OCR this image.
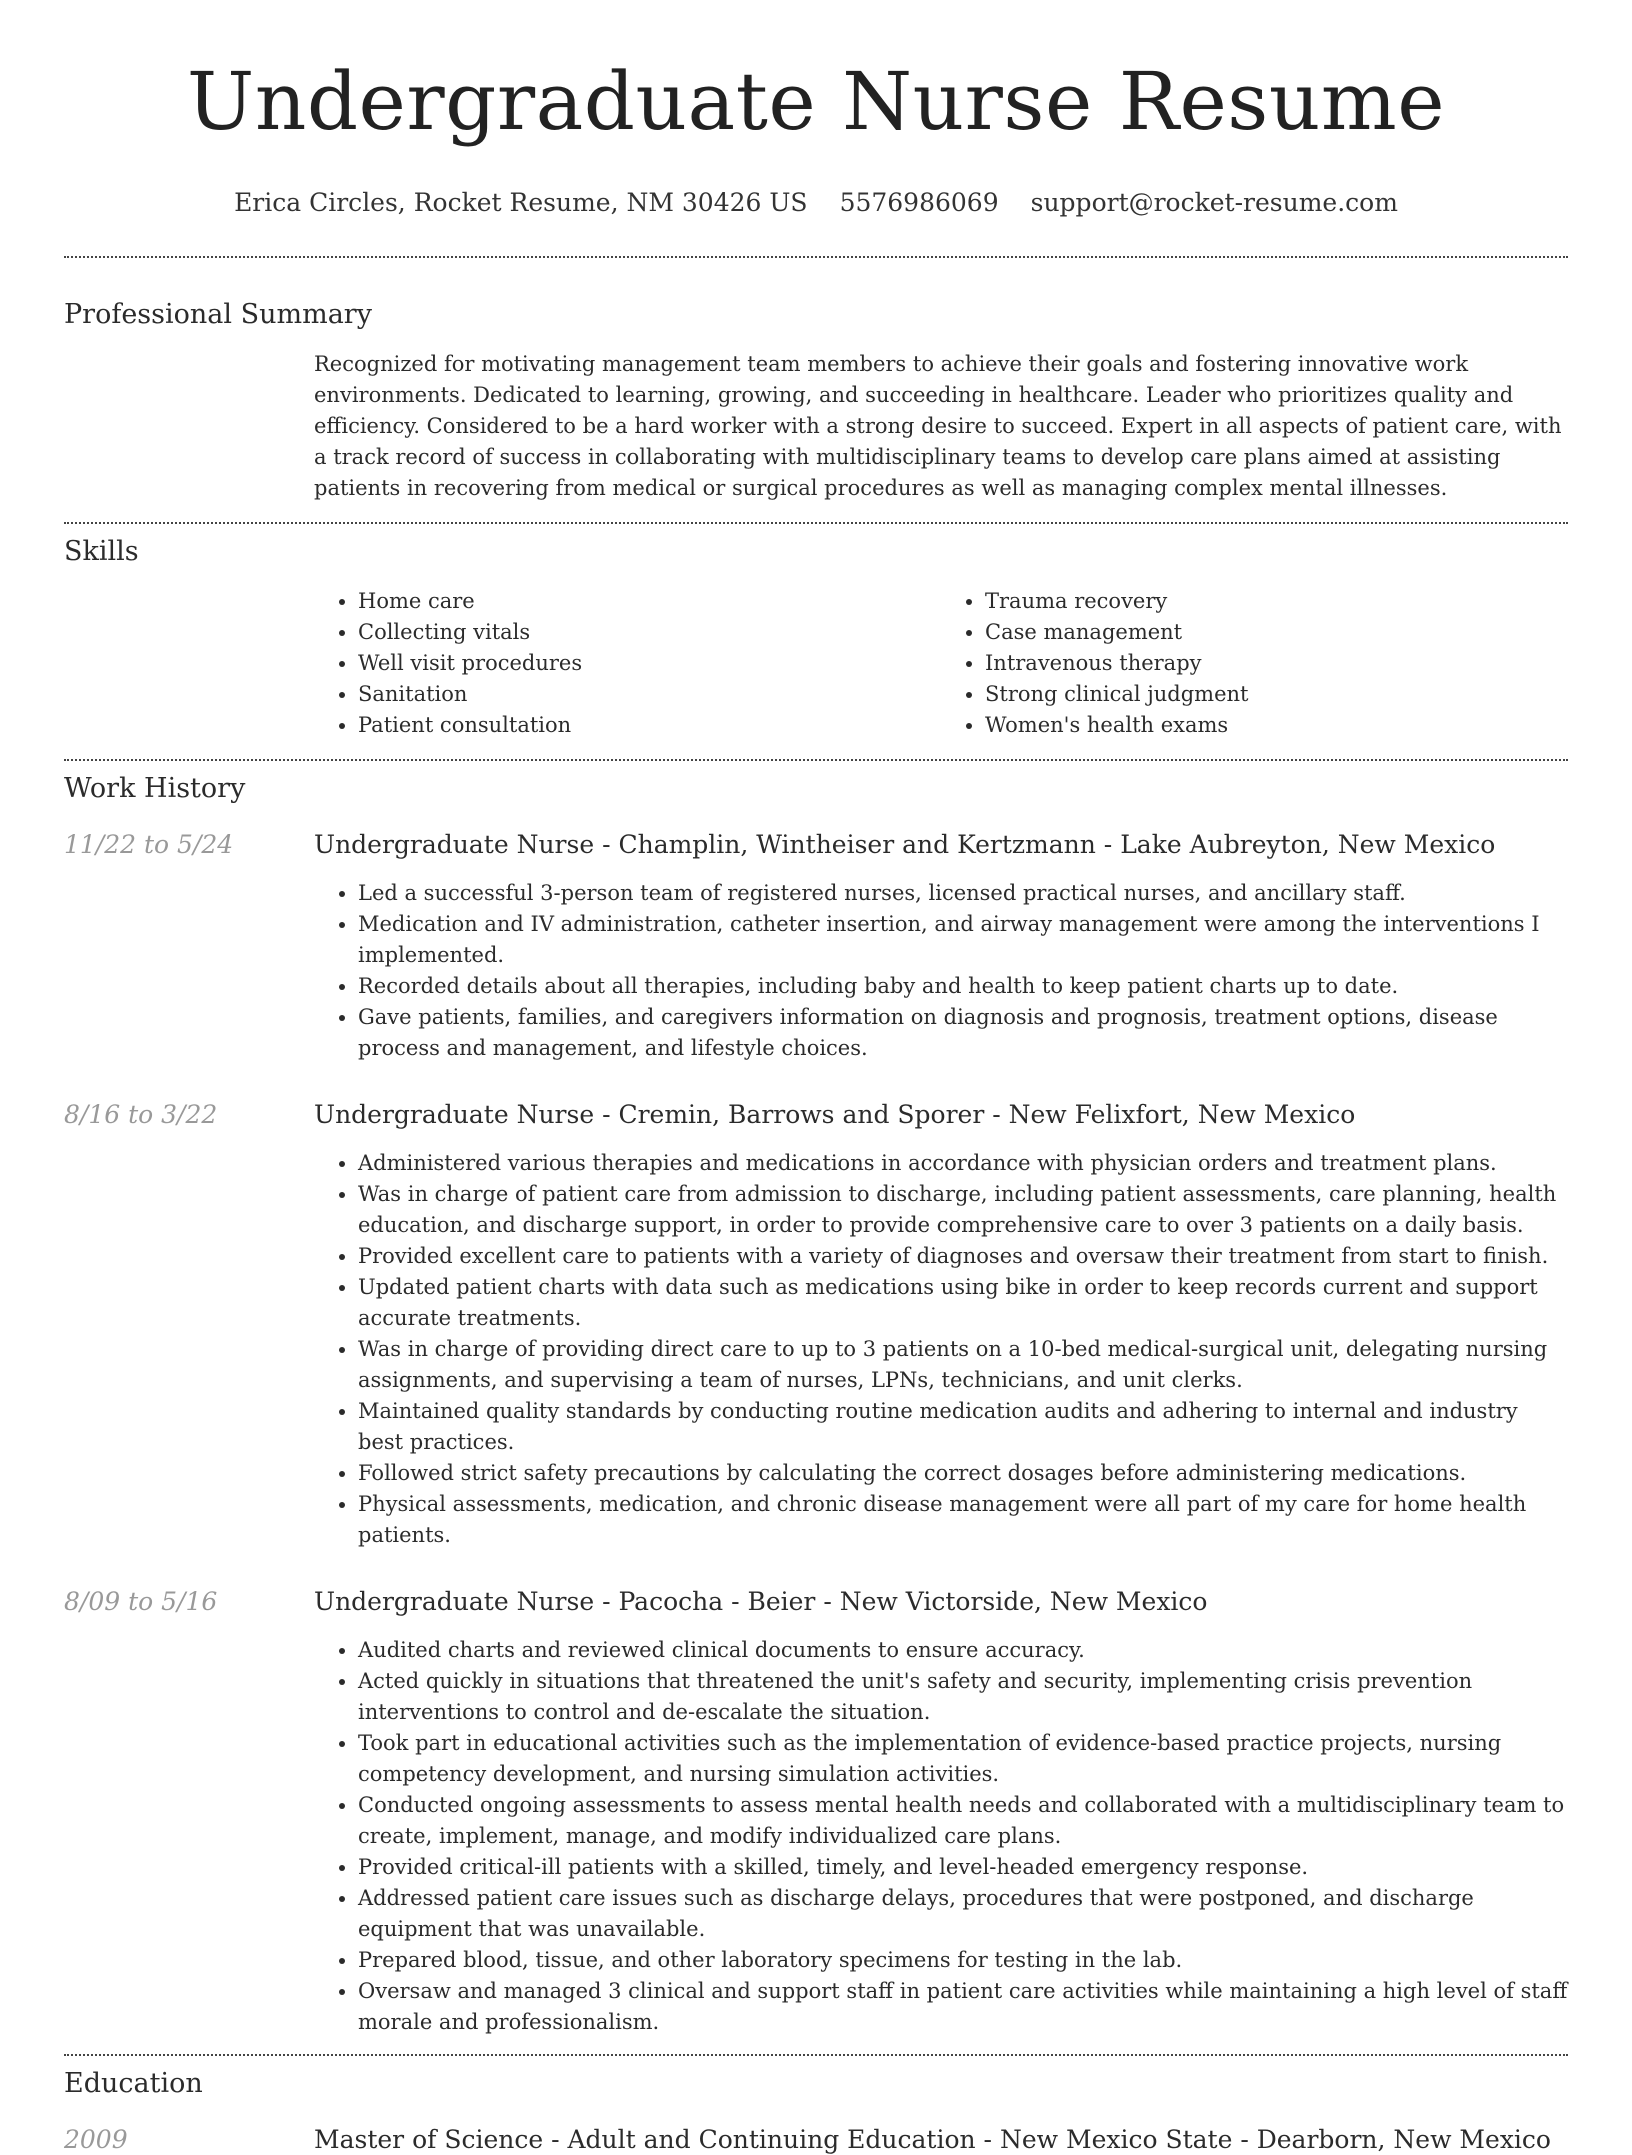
Undergraduate Nurse Resume
Erica Circles, Rocket Resume, NM 30426 US 5576986069 support@rocket-resume.com
Professional Summary

Recognized for motivating management team members to achieve their goals and fostering innovative work environments. Dedicated to learning, growing, and succeeding in healthcare. Leader who prioritizes quality and efficiency. Considered to be a hard worker with a strong desire to succeed. Expert in all aspects of patient care, with a track record of success in collaborating with multidisciplinary teams to develop care plans aimed at assisting patients in recovering from medical or surgical procedures as well as managing complex mental illnesses.

Skills
• Home care
• Collecting vitals
• Well visit procedures
• Sanitation
• Patient consultation
• Trauma recovery
• Case management
• Intravenous therapy
• Strong clinical judgment
• Women's health exams
Work History
11/22 to 5/24	Undergraduate Nurse - Champlin, Wintheiser and Kertzmann - Lake Aubreyton, New Mexico
• Led a successful 3-person team of registered nurses, licensed practical nurses, and ancillary staff.
• Medication and IV administration, catheter insertion, and airway management were among the interventions I implemented.
• Recorded details about all therapies, including baby and health to keep patient charts up to date.
• Gave patients, families, and caregivers information on diagnosis and prognosis, treatment options, disease process and management, and lifestyle choices.
8/16 to 3/22	Undergraduate Nurse - Cremin, Barrows and Sporer - New Felixfort, New Mexico
• Administered various therapies and medications in accordance with physician orders and treatment plans.
• Was in charge of patient care from admission to discharge, including patient assessments, care planning, health education, and discharge support, in order to provide comprehensive care to over 3 patients on a daily basis.
• Provided excellent care to patients with a variety of diagnoses and oversaw their treatment from start to finish.
• Updated patient charts with data such as medications using bike in order to keep records current and support accurate treatments.
• Was in charge of providing direct care to up to 3 patients on a 10-bed medical-surgical unit, delegating nursing assignments, and supervising a team of nurses, LPNs, technicians, and unit clerks.
• Maintained quality standards by conducting routine medication audits and adhering to internal and industry best practices.
• Followed strict safety precautions by calculating the correct dosages before administering medications.
• Physical assessments, medication, and chronic disease management were all part of my care for home health patients.
8/09 to 5/16	Undergraduate Nurse - Pacocha - Beier - New Victorside, New Mexico
• Audited charts and reviewed clinical documents to ensure accuracy.
• Acted quickly in situations that threatened the unit's safety and security, implementing crisis prevention interventions to control and de-escalate the situation.
• Took part in educational activities such as the implementation of evidence-based practice projects, nursing competency development, and nursing simulation activities.
• Conducted ongoing assessments to assess mental health needs and collaborated with a multidisciplinary team to create, implement, manage, and modify individualized care plans.
• Provided critical-ill patients with a skilled, timely, and level-headed emergency response.
• Addressed patient care issues such as discharge delays, procedures that were postponed, and discharge equipment that was unavailable.
• Prepared blood, tissue, and other laboratory specimens for testing in the lab.
• Oversaw and managed 3 clinical and support staff in patient care activities while maintaining a high level of staff morale and professionalism.
Education
2009	Master of Science - Adult and Continuing Education - New Mexico State - Dearborn, New Mexico
